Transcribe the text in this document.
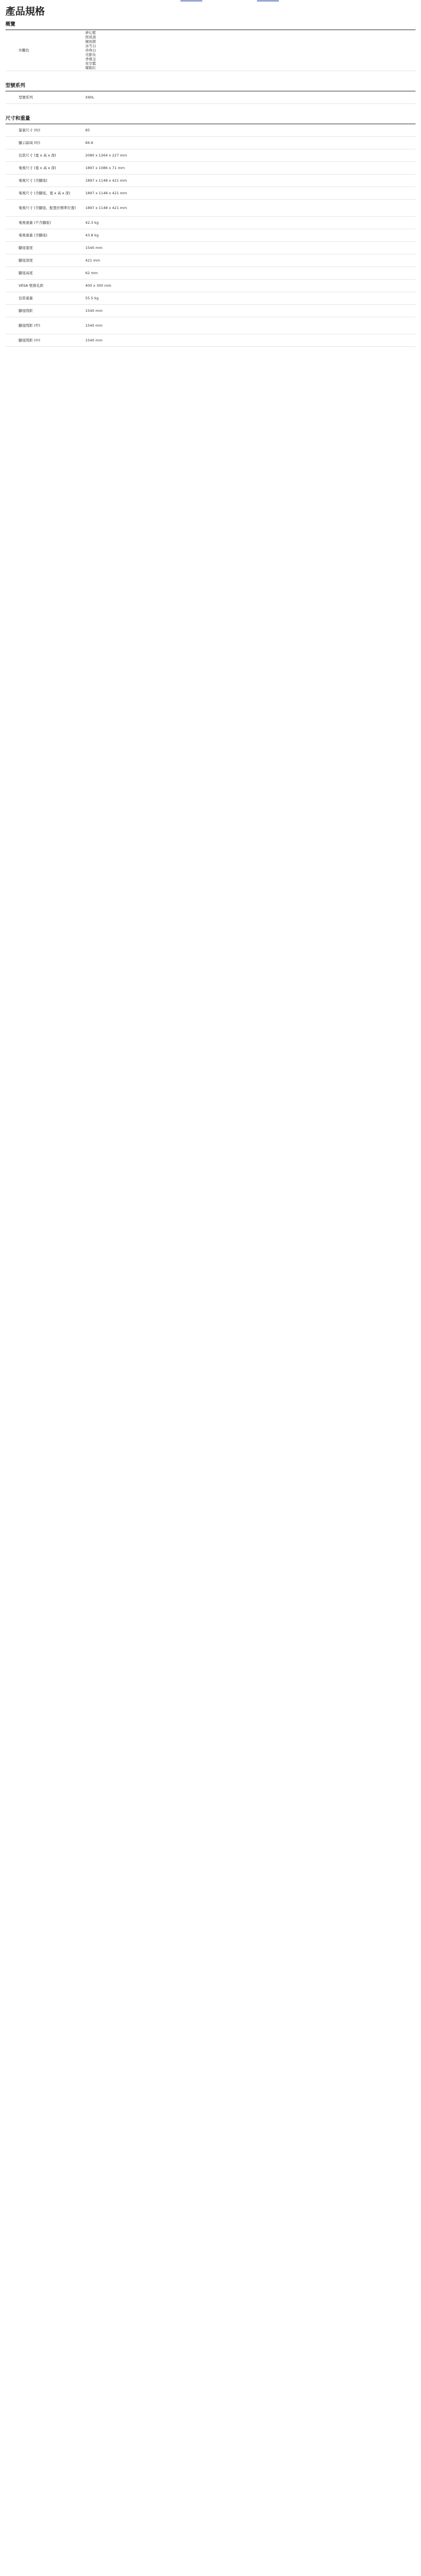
產品規格
概覽
外觀色
夢幻紫
經典黑
鏡面銀
冰雪白
珍珠白
亮銀灰
香檳金
星空藍
耀眼紅
型號系列
型號系列	X90L
尺寸和重量
螢幕尺寸 (吋)	85
顯示區域 (吋)	84.6
包裝尺寸 (寬 x 高 x 深)	2080 x 1264 x 227 mm
電視尺寸 (寬 x 高 x 深)	1897 x 1086 x 71 mm
電視尺寸 (含腳座)	1897 x 1148 x 421 mm
電視尺寸 (含腳座，寬 x 高 x 深)	1897 x 1148 x 421 mm
電視尺寸 (含腳座，配置於標準位置)	1897 x 1148 x 421 mm
電視重量 (不含腳座)	42.3 kg
電視重量 (含腳座)	43.8 kg
腳座寬度	1540 mm
腳座深度	421 mm
腳座高度	62 mm
VESA 壁掛孔距	400 x 300 mm
包裝重量	55.5 kg
腳座間距	1540 mm
腳座間距 (窄)	1540 mm
腳座間距 (中)	1540 mm
